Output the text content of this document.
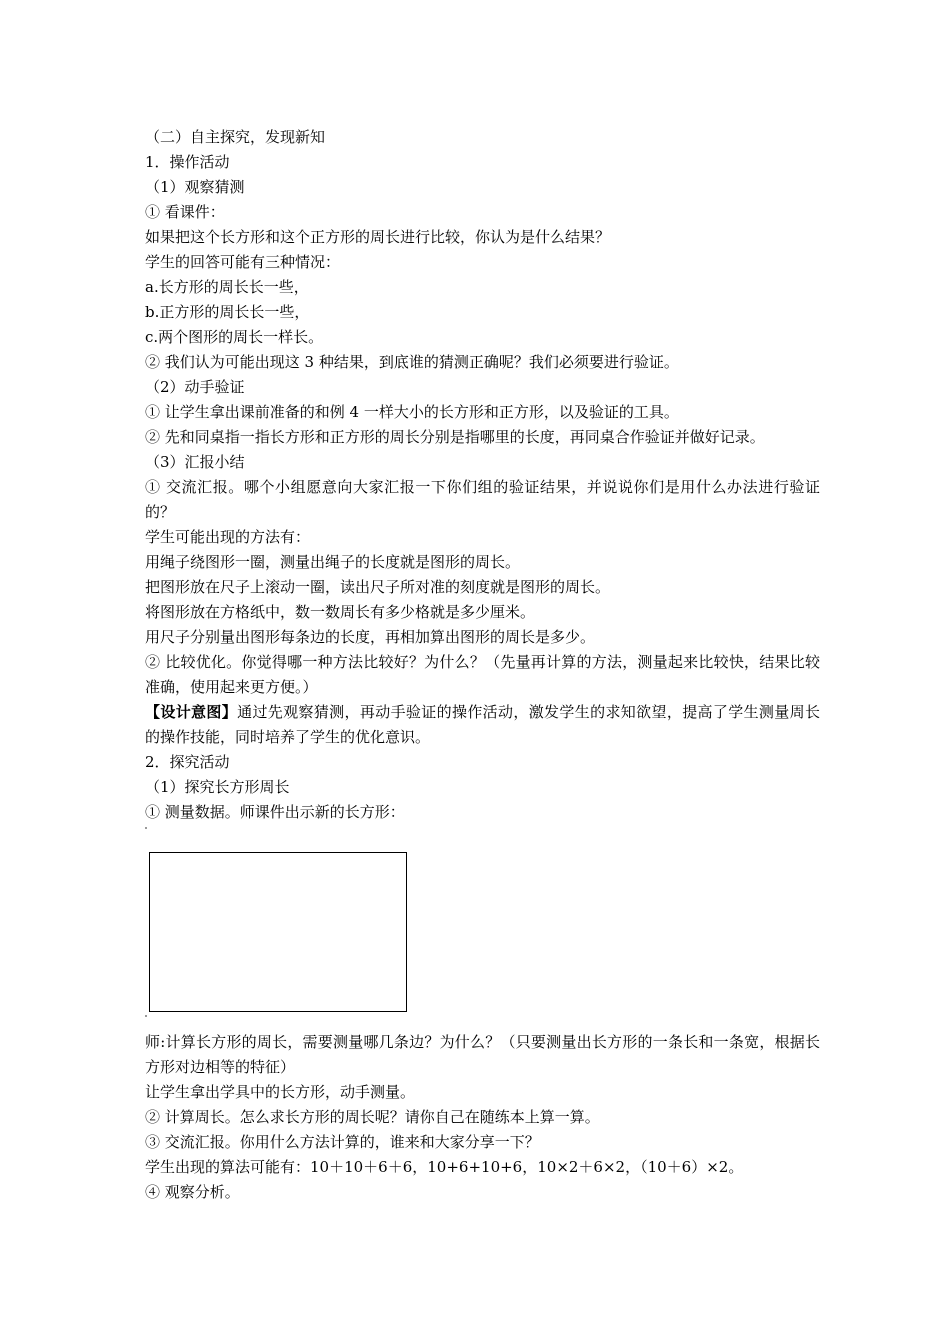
（二）自主探究，发现新知

1．操作活动

（1）观察猜测

① 看课件：

如果把这个长方形和这个正方形的周长进行比较，你认为是什么结果？

学生的回答可能有三种情况：

a.长方形的周长长一些，

b.正方形的周长长一些，

c.两个图形的周长一样长。

② 我们认为可能出现这 3 种结果，到底谁的猜测正确呢？我们必须要进行验证。

（2）动手验证

① 让学生拿出课前准备的和例 4 一样大小的长方形和正方形，以及验证的工具。

② 先和同桌指一指长方形和正方形的周长分别是指哪里的长度，再同桌合作验证并做好记录。

（3）汇报小结

① 交流汇报。哪个小组愿意向大家汇报一下你们组的验证结果，并说说你们是用什么办法进行验证的？

学生可能出现的方法有：

用绳子绕图形一圈，测量出绳子的长度就是图形的周长。

把图形放在尺子上滚动一圈，读出尺子所对准的刻度就是图形的周长。

将图形放在方格纸中，数一数周长有多少格就是多少厘米。

用尺子分别量出图形每条边的长度，再相加算出图形的周长是多少。

② 比较优化。你觉得哪一种方法比较好？为什么？（先量再计算的方法，测量起来比较快，结果比较准确，使用起来更方便。）

【设计意图】通过先观察猜测，再动手验证的操作活动，激发学生的求知欲望，提高了学生测量周长的操作技能，同时培养了学生的优化意识。

2．探究活动

（1）探究长方形周长

① 测量数据。师课件出示新的长方形：

师:计算长方形的周长，需要测量哪几条边？为什么？（只要测量出长方形的一条长和一条宽，根据长方形对边相等的特征）

让学生拿出学具中的长方形，动手测量。

② 计算周长。怎么求长方形的周长呢？请你自己在随练本上算一算。

③ 交流汇报。你用什么方法计算的，谁来和大家分享一下？

学生出现的算法可能有：10＋10＋6＋6，10+6+10+6，10×2＋6×2，（10＋6）×2。

④ 观察分析。
